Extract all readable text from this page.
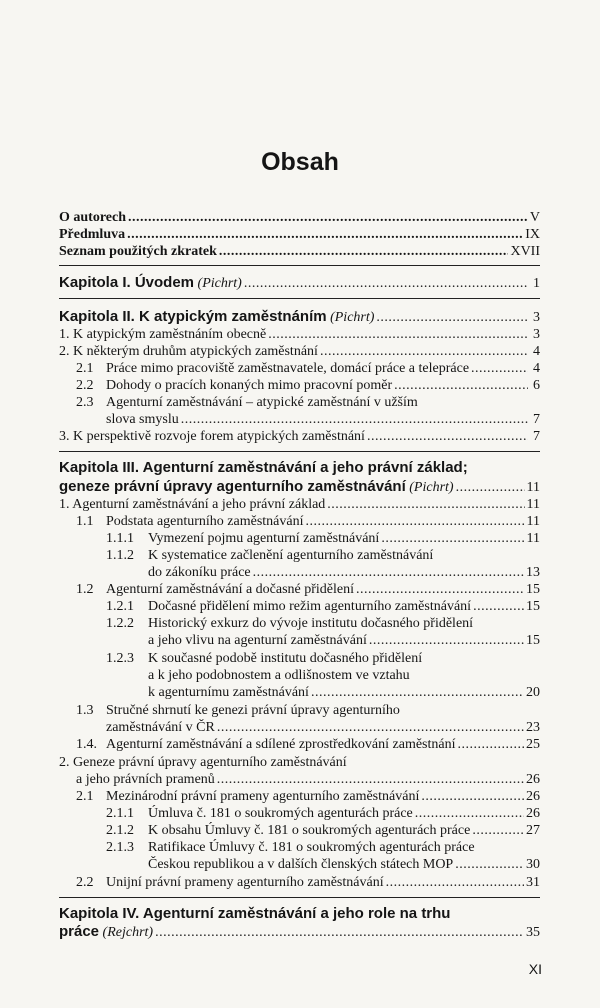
Obsah
O autorech .....	V
Předmluva .....	IX
Seznam použitých zkratek .....	XVII
Kapitola I. Úvodem
(Pichrt) .....	1
Kapitola II. K atypickým zaměstnáním
(Pichrt) .....	3
1. K atypickým zaměstnáním obecně .....	3
2. K některým druhům atypických zaměstnání .....	4
2.1 Práce mimo pracoviště zaměstnavatele, domácí práce a telepráce .....	4
2.2 Dohody o pracích konaných mimo pracovní poměr .....	6
2.3 Agenturní zaměstnávání – atypické zaměstnání v užším
slova smyslu .....	7
3. K perspektivě rozvoje forem atypických zaměstnání .....	7
Kapitola III. Agenturní zaměstnávání a jeho právní základ;
geneze právní úpravy agenturního zaměstnávání
(Pichrt) .....	11
1. Agenturní zaměstnávání a jeho právní základ .....	11
1.1 Podstata agenturního zaměstnávání .....	11
1.1.1 Vymezení pojmu agenturní zaměstnávání .....	11
1.1.2 K systematice začlenění agenturního zaměstnávání
do zákoníku práce .....	13
1.2 Agenturní zaměstnávání a dočasné přidělení .....	15
1.2.1 Dočasné přidělení mimo režim agenturního zaměstnávání .....	15
1.2.2 Historický exkurz do vývoje institutu dočasného přidělení
a jeho vlivu na agenturní zaměstnávání .....	15
1.2.3 K současné podobě institutu dočasného přidělení
a k jeho podobnostem a odlišnostem ve vztahu
k agenturnímu zaměstnávání .....	20
1.3 Stručné shrnutí ke genezi právní úpravy agenturního
zaměstnávání v ČR .....	23
1.4. Agenturní zaměstnávání a sdílené zprostředkování zaměstnání .....	25
2. Geneze právní úpravy agenturního zaměstnávání
a jeho právních pramenů .....	26
2.1 Mezinárodní právní prameny agenturního zaměstnávání .....	26
2.1.1 Úmluva č. 181 o soukromých agenturách práce .....	26
2.1.2 K obsahu Úmluvy č. 181 o soukromých agenturách práce .....	27
2.1.3 Ratifikace Úmluvy č. 181 o soukromých agenturách práce
Českou republikou a v dalších členských státech MOP .....	30
2.2 Unijní právní prameny agenturního zaměstnávání .....	31
Kapitola IV. Agenturní zaměstnávání a jeho role na trhu
práce
(Rejchrt) .....	35
XI
